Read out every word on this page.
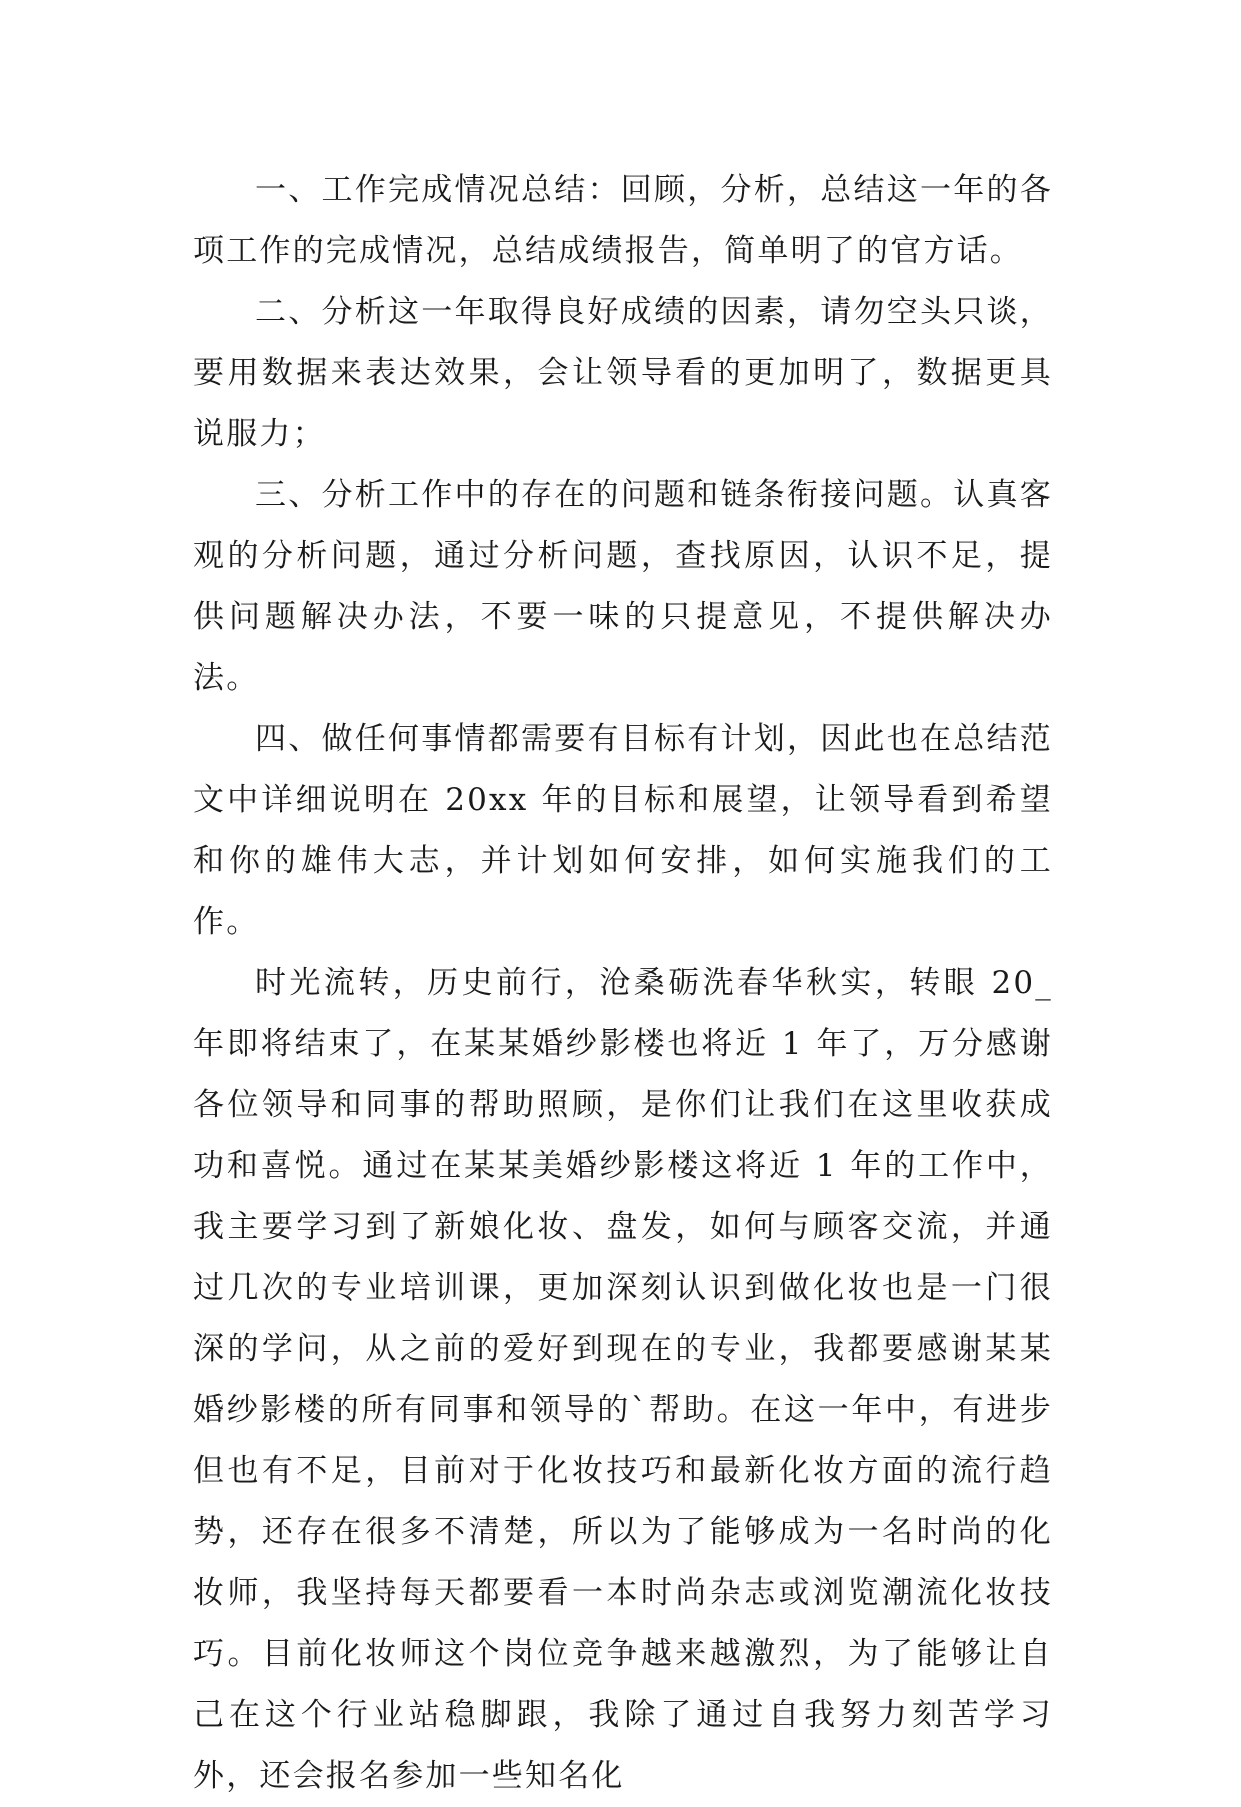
一、工作完成情况总结：回顾，分析，总结这一年的各项工作的完成情况，总结成绩报告，简单明了的官方话。

二、分析这一年取得良好成绩的因素，请勿空头只谈，要用数据来表达效果，会让领导看的更加明了，数据更具说服力；

三、分析工作中的存在的问题和链条衔接问题。认真客观的分析问题，通过分析问题，查找原因，认识不足，提供问题解决办法，不要一味的只提意见，不提供解决办法。

四、做任何事情都需要有目标有计划，因此也在总结范文中详细说明在 20xx 年的目标和展望，让领导看到希望和你的雄伟大志，并计划如何安排，如何实施我们的工作。

时光流转，历史前行，沧桑砺洗春华秋实，转眼 20_年即将结束了，在某某婚纱影楼也将近 1 年了，万分感谢各位领导和同事的帮助照顾，是你们让我们在这里收获成功和喜悦。通过在某某美婚纱影楼这将近 1 年的工作中，我主要学习到了新娘化妆、盘发，如何与顾客交流，并通过几次的专业培训课，更加深刻认识到做化妆也是一门很深的学问，从之前的爱好到现在的专业，我都要感谢某某婚纱影楼的所有同事和领导的`帮助。在这一年中，有进步但也有不足，目前对于化妆技巧和最新化妆方面的流行趋势，还存在很多不清楚，所以为了能够成为一名时尚的化妆师，我坚持每天都要看一本时尚杂志或浏览潮流化妆技巧。目前化妆师这个岗位竞争越来越激烈，为了能够让自己在这个行业站稳脚跟，我除了通过自我努力刻苦学习外，还会报名参加一些知名化
